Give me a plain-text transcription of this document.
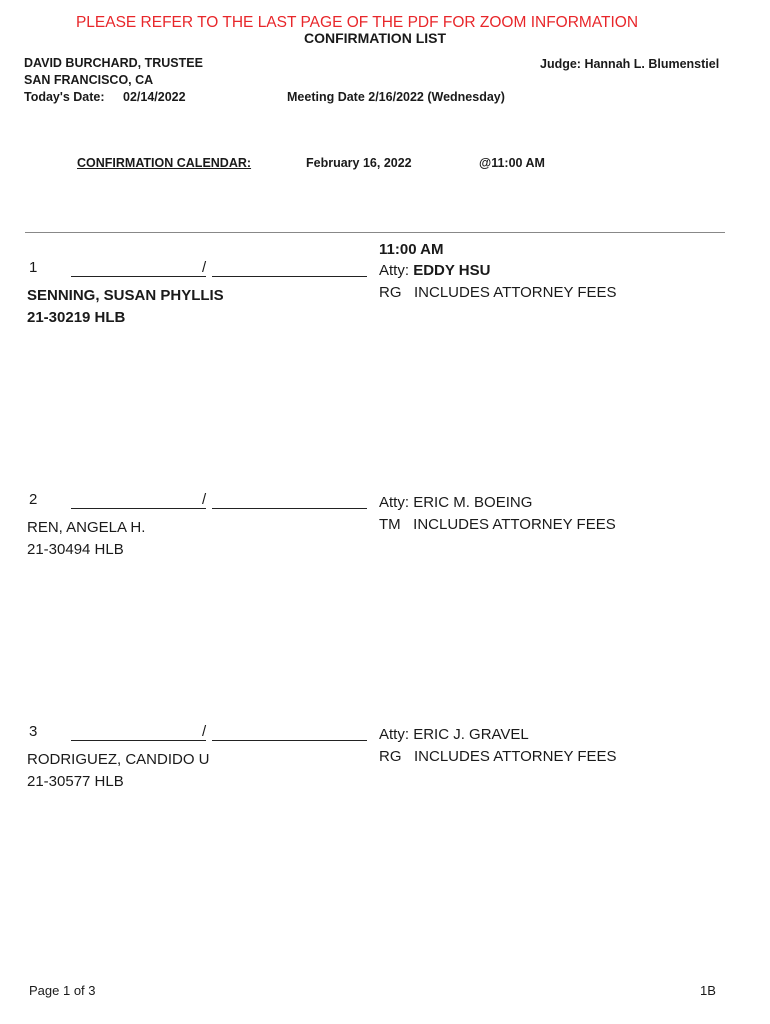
PLEASE REFER TO THE LAST PAGE OF THE PDF FOR ZOOM INFORMATION
CONFIRMATION LIST
DAVID BURCHARD, TRUSTEE
SAN FRANCISCO, CA
Today's Date: 02/14/2022	Meeting Date 2/16/2022 (Wednesday)
Judge: Hannah L. Blumenstiel
CONFIRMATION CALENDAR:	February 16, 2022	@11:00 AM
1	/
11:00 AM
Atty: EDDY HSU
RG   INCLUDES ATTORNEY FEES
SENNING, SUSAN PHYLLIS
21-30219 HLB
2	/	Atty: ERIC M. BOEING
TM   INCLUDES ATTORNEY FEES
REN, ANGELA H.
21-30494 HLB
3	/	Atty: ERIC J. GRAVEL
RG   INCLUDES ATTORNEY FEES
RODRIGUEZ, CANDIDO U
21-30577 HLB
Page 1 of 3	1B
